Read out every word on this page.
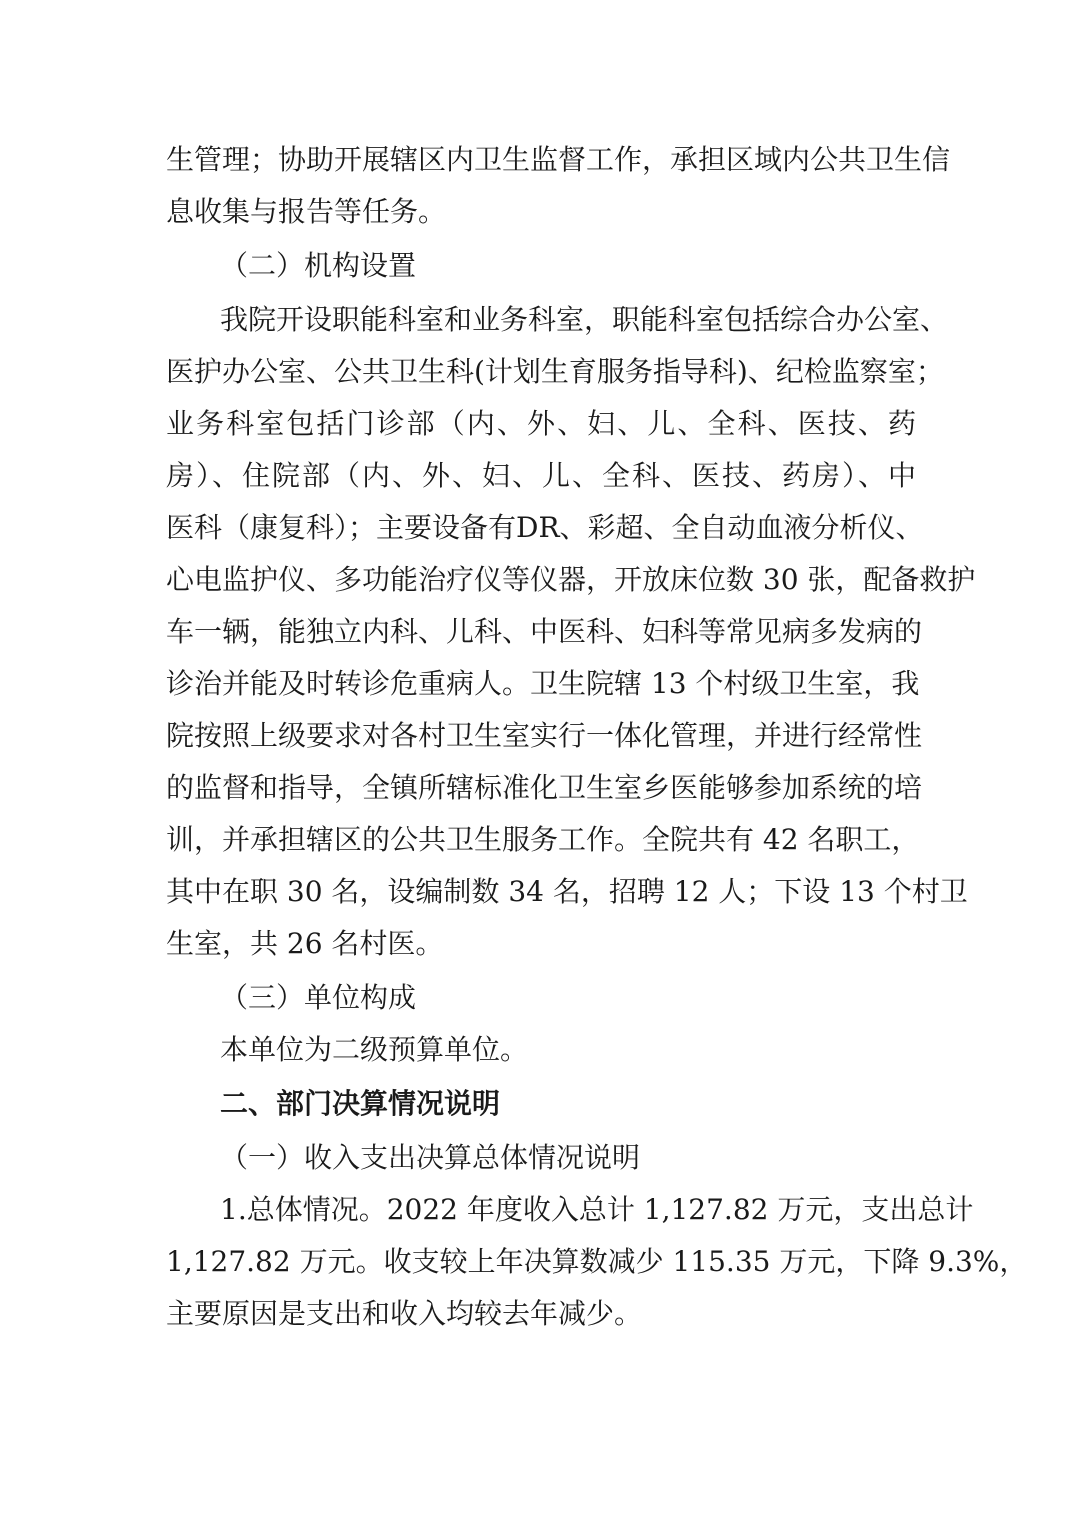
生管理；协助开展辖区内卫生监督工作，承担区域内公共卫生信
息收集与报告等任务。
（二）机构设置
我院开设职能科室和业务科室，职能科室包括综合办公室、
医护办公室、公共卫生科(计划生育服务指导科)、纪检监察室；
业务科室包括门诊部（内、外、妇、儿、全科、医技、药
房）、住院部（内、外、妇、儿、全科、医技、药房）、中
医科（康复科）；主要设备有DR、彩超、全自动血液分析仪、
心电监护仪、多功能治疗仪等仪器，开放床位数 30 张，配备救护
车一辆，能独立内科、儿科、中医科、妇科等常见病多发病的
诊治并能及时转诊危重病人。卫生院辖 13 个村级卫生室，我
院按照上级要求对各村卫生室实行一体化管理，并进行经常性
的监督和指导，全镇所辖标准化卫生室乡医能够参加系统的培
训，并承担辖区的公共卫生服务工作。全院共有 42 名职工，
其中在职 30 名，设编制数 34 名，招聘 12 人；下设 13 个村卫
生室，共 26 名村医。
（三）单位构成
本单位为二级预算单位。
二、部门决算情况说明
（一）收入支出决算总体情况说明
1.总体情况。2022 年度收入总计 1,127.82 万元，支出总计
1,127.82 万元。收支较上年决算数减少 115.35 万元，下降 9.3%，
主要原因是支出和收入均较去年减少。
